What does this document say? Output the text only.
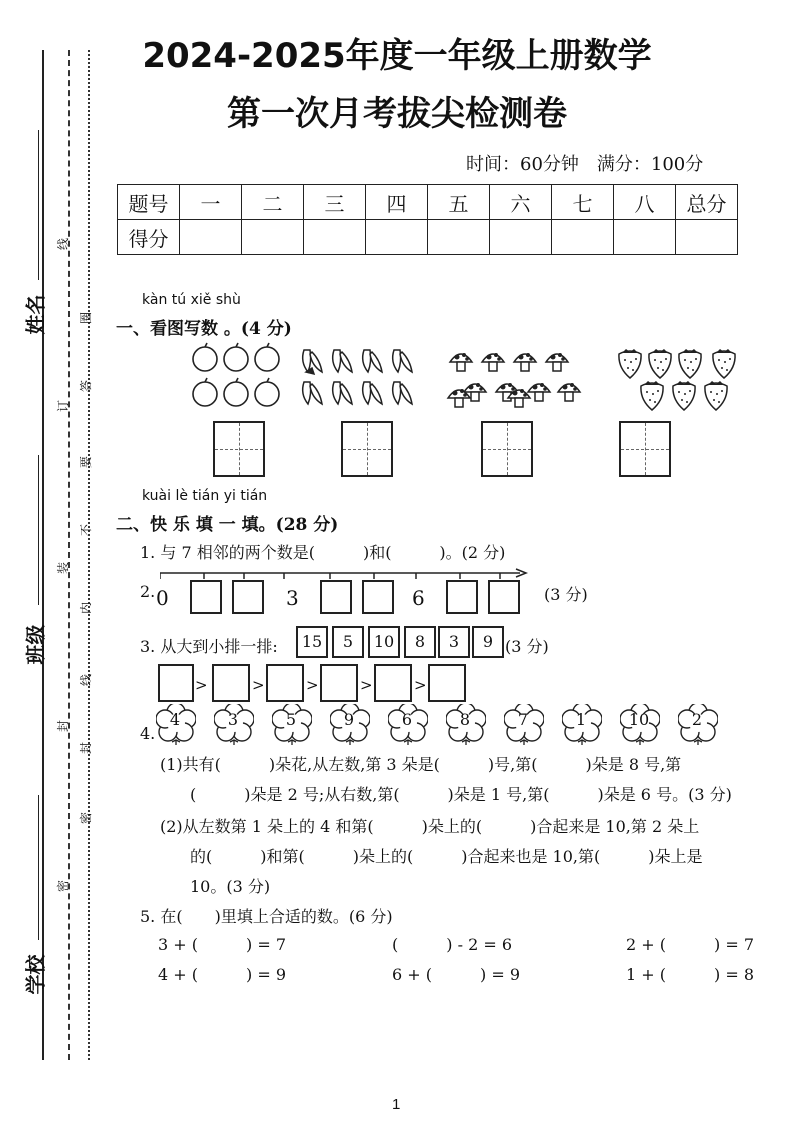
姓名
班级
学校
线
圈
答
要
不
内
线
封
订
装
封
密
密
2024-2025年度一年级上册数学
第一次月考拔尖检测卷
时间：60分钟　满分：100分
题号	一	二	三	四	五	六	七	八	总分
得分									
kàn tú xiě shù
一、看图写数 。(4 分)
kuài lè tián yi tián
二、快 乐 填 一 填。(28 分)
1. 与 7 相邻的两个数是(　　　)和(　　　)。(2 分)
2. 0	3	6	(3 分)
3. 从大到小排一排:	15	5	10	8	3	9 (3 分)
>	>	>	>	>
4.
4	3	5	9	6	8	7	1	10	2
(1)共有(　　　)朵花,从左数,第 3 朵是(　　　)号,第(　　　)朵是 8 号,第
(　　　)朵是 2 号;从右数,第(　　　)朵是 1 号,第(　　　)朵是 6 号。(3 分)
(2)从左数第 1 朵上的 4 和第(　　　)朵上的(　　　)合起来是 10,第 2 朵上
的(　　　)和第(　　　)朵上的(　　　)合起来也是 10,第(　　　)朵上是
10。(3 分)
5. 在(　　)里填上合适的数。(6 分)
3 + (　　　) = 7	(　　　) - 2 = 6	2 + (　　　) = 7
4 + (　　　) = 9	6 + (　　　) = 9	1 + (　　　) = 8
1
